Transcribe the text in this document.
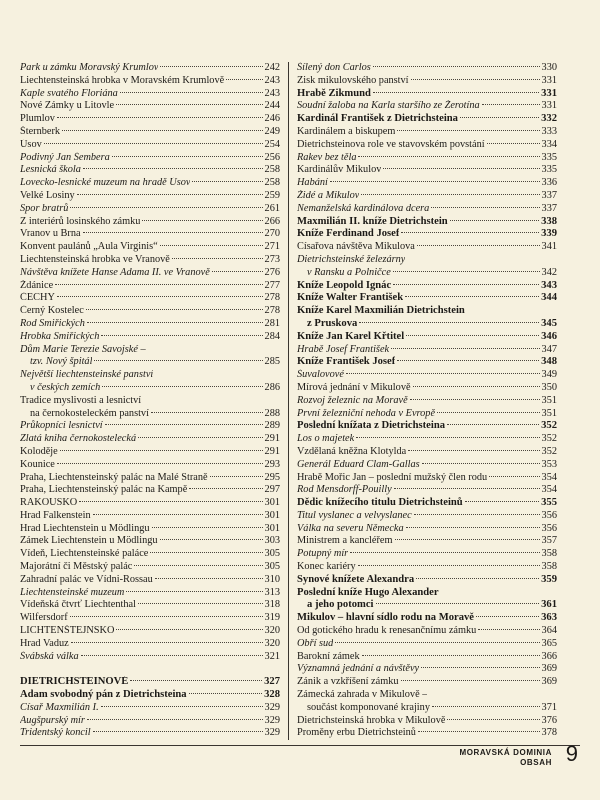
Park u zámku Moravský Krumlov	242
Liechtensteinská hrobka v Moravském Krumlově	243
Kaple svatého Floriána	243
Nové Zámky u Litovle	244
Plumlov	246
Šternberk	249
Úsov	254
Podivný Jan Šembera	256
Lesnická škola	258
Lovecko-lesnické muzeum na hradě Úsov	258
Velké Losiny	259
Spor bratrů	261
Z interiérů losinského zámku	266
Vranov u Brna	270
Konvent paulánů „Aula Virginis“	271
Liechtensteinská hrobka ve Vranově	273
Návštěva knížete Hanse Adama II. ve Vranově	276
Ždánice	277
ČECHY	278
Černý Kostelec	278
Rod Smiřických	281
Hrobka Smiřických	284
Dům Marie Terezie Savojské –
tzv. Nový špitál	285
Největší liechtensteinské panství
v českých zemích	286
Tradice myslivosti a lesnictví
na černokosteleckém panství	288
Průkopníci lesnictví	289
Zlatá kniha černokostelecká	291
Koloděje	291
Kounice	293
Praha, Liechtensteinský palác na Malé Straně	295
Praha, Liechtensteinský palác na Kampě	297
RAKOUSKO	301
Hrad Falkenstein	301
Hrad Liechtenstein u Mödlingu	301
Zámek Liechtenstein u Mödlingu	303
Vídeň, Liechtensteinské paláce	305
Majorátní či Městský palác	305
Zahradní palác ve Vídni-Rossau	310
Liechtensteinské muzeum	313
Vídeňská čtvrť Liechtenthal	318
Wilfersdorf	319
LICHTENŠTEJNSKO	320
Hrad Vaduz	320
Švábská válka	321
DIETRICHSTEINOVÉ	327
Adam svobodný pán z Dietrichsteina	328
Císař Maxmilián I.	329
Augšpurský mír	329
Tridentský koncil	329
Šílený don Carlos	330
Zisk mikulovského panství	331
Hrabě Zikmund	331
Soudní žaloba na Karla staršího ze Žerotína	331
Kardinál František z Dietrichsteina	332
Kardinálem a biskupem	333
Dietrichsteinova role ve stavovském povstání	334
Rakev bez těla	335
Kardinálův Mikulov	335
Habání	336
Židé a Mikulov	337
Nemanželská kardinálova dcera	337
Maxmilián II. kníže Dietrichstein	338
Kníže Ferdinand Josef	339
Císařova návštěva Mikulova	341
Dietrichsteinské železárny
v Ransku a Polničce	342
Kníže Leopold Ignác	343
Kníže Walter František	344
Kníže Karel Maxmilián Dietrichstein
z Pruskova	345
Kníže Jan Karel Křtitel	346
Hrabě Josef František	347
Kníže František Josef	348
Šuvalovové	349
Mírová jednání v Mikulově	350
Rozvoj železnic na Moravě	351
První železniční nehoda v Evropě	351
Poslední knížata z Dietrichsteina	352
Los o majetek	352
Vzdělaná kněžna Klotylda	352
Generál Eduard Clam-Gallas	353
Hrabě Mořic Jan – poslední mužský člen rodu	354
Rod Mensdorff-Pouilly	354
Dědic knížecího titulu Dietrichsteinů	355
Titul vyslanec a velvyslanec	356
Válka na severu Německa	356
Ministrem a kancléřem	357
Potupný mír	358
Konec kariéry	358
Synové knížete Alexandra	359
Poslední kníže Hugo Alexander
a jeho potomci	361
Mikulov – hlavní sídlo rodu na Moravě	363
Od gotického hradu k renesančnímu zámku	364
Obří sud	365
Barokní zámek	366
Významná jednání a návštěvy	369
Zánik a vzkříšení zámku	369
Zámecká zahrada v Mikulově –
součást komponované krajiny	371
Dietrichsteinská hrobka v Mikulově	376
Proměny erbu Dietrichsteinů	378
MORAVSKÁ DOMINIA
OBSAH 9
